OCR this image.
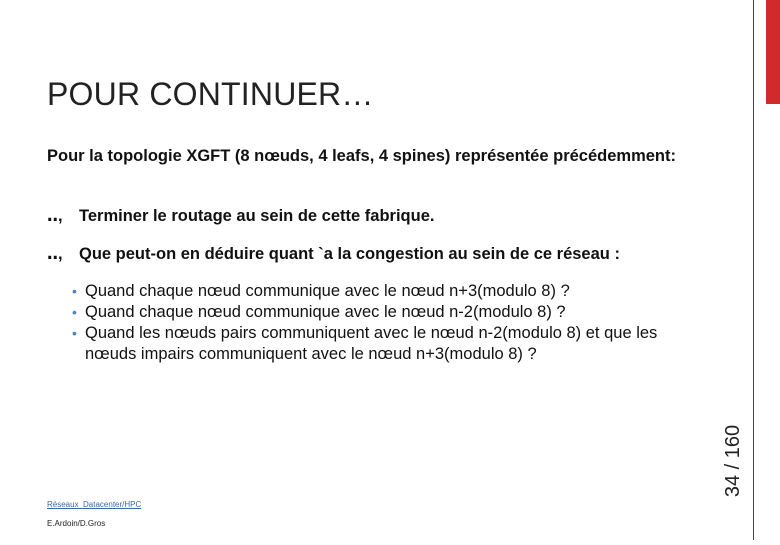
POUR CONTINUER…
Pour la topologie XGFT (8 nœuds, 4 leafs, 4 spines) représentée précédemment:
‥, Terminer le routage au sein de cette fabrique.
‥, Que peut-on en déduire quant `a la congestion au sein de ce réseau :
• Quand chaque nœud communique avec le nœud n+3(modulo 8) ?
• Quand chaque nœud communique avec le nœud n-2(modulo 8) ?
• Quand les nœuds pairs communiquent avec le nœud n-2(modulo 8) et que les nœuds impairs communiquent avec le nœud n+3(modulo 8) ?
Réseaux_Datacenter/HPC
E.Ardoin/D.Gros
34 / 160
